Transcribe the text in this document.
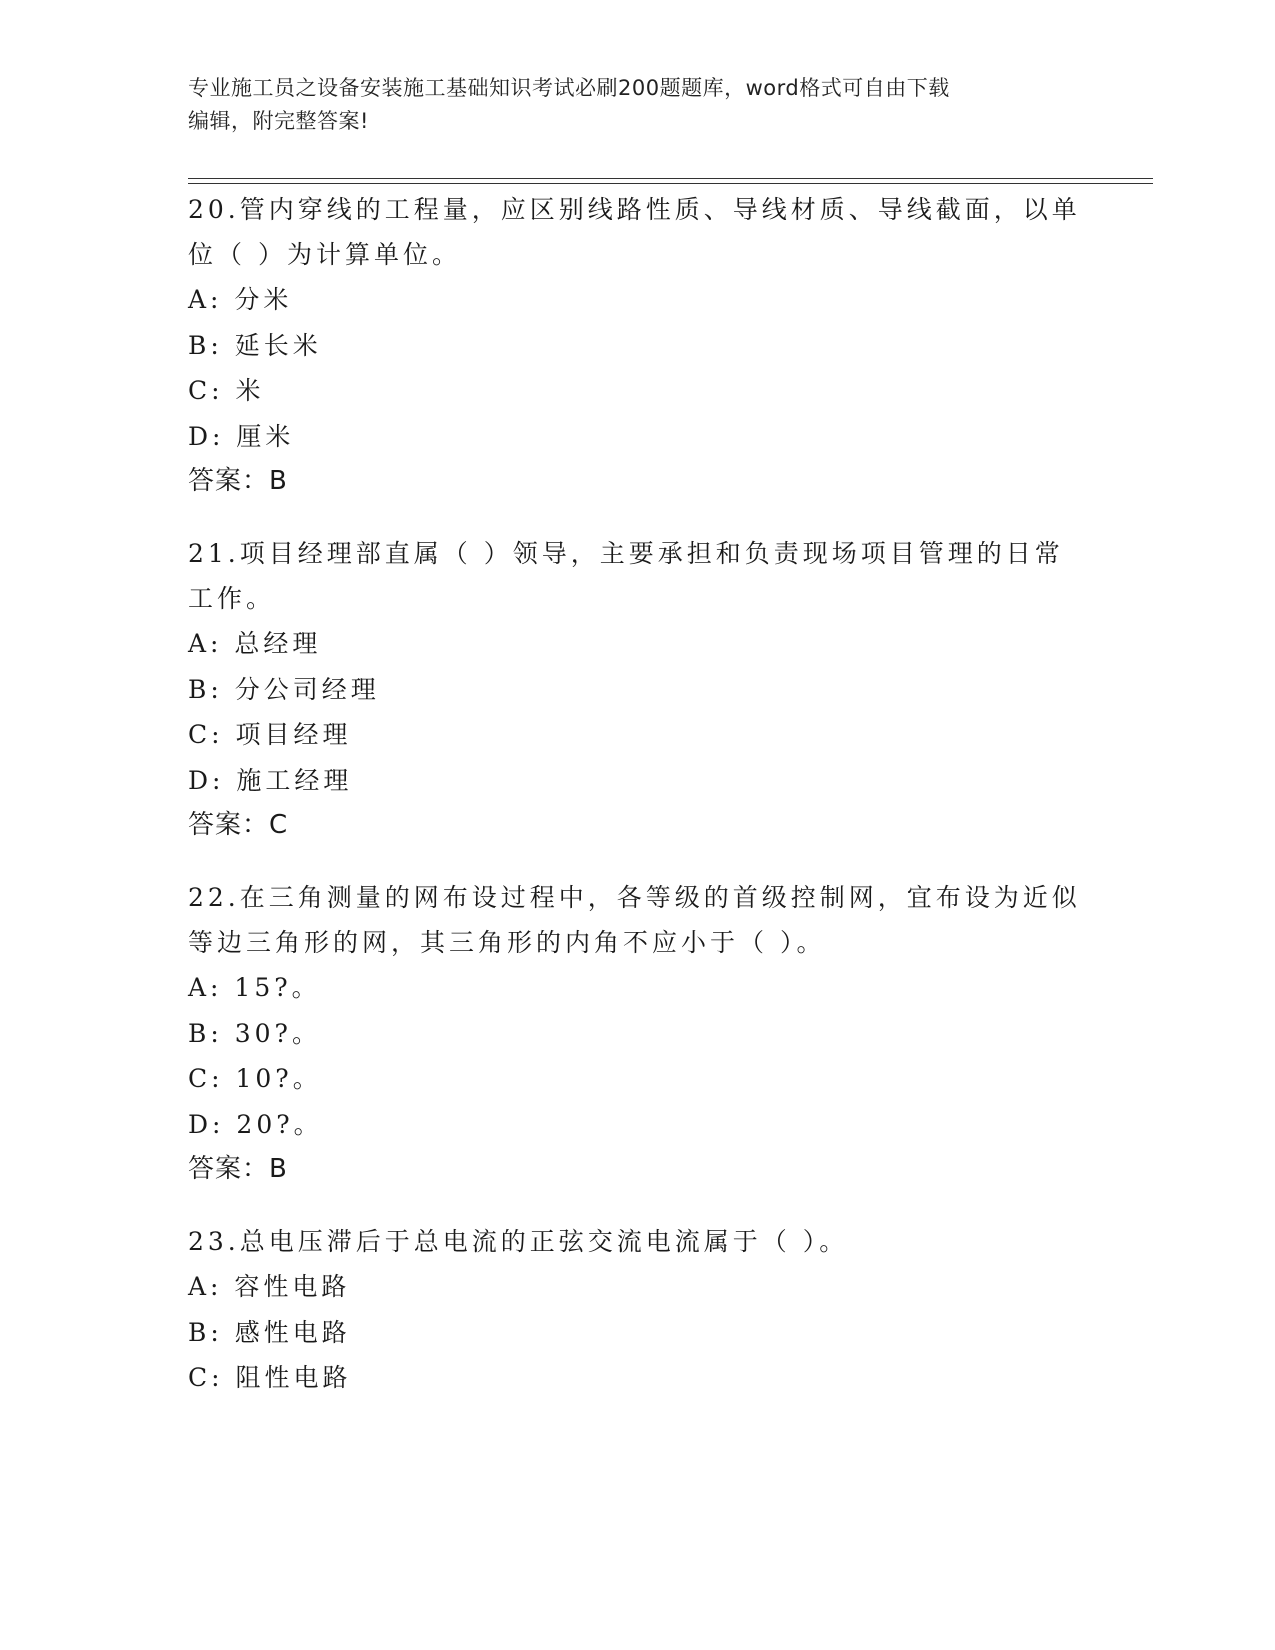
专业施工员之设备安装施工基础知识考试必刷200题题库，word格式可自由下载
编辑，附完整答案!

20.管内穿线的工程量，应区别线路性质、导线材质、导线截面，以单
位（ ）为计算单位。

A: 分米

B: 延长米

C: 米

D: 厘米

答案：B

21.项目经理部直属（ ）领导，主要承担和负责现场项目管理的日常
工作。

A: 总经理

B: 分公司经理

C: 项目经理

D: 施工经理

答案：C

22.在三角测量的网布设过程中，各等级的首级控制网，宜布设为近似
等边三角形的网，其三角形的内角不应小于（ ）。

A: 15?。

B: 30?。

C: 10?。

D: 20?。

答案：B

23.总电压滞后于总电流的正弦交流电流属于（ ）。

A: 容性电路

B: 感性电路

C: 阻性电路
